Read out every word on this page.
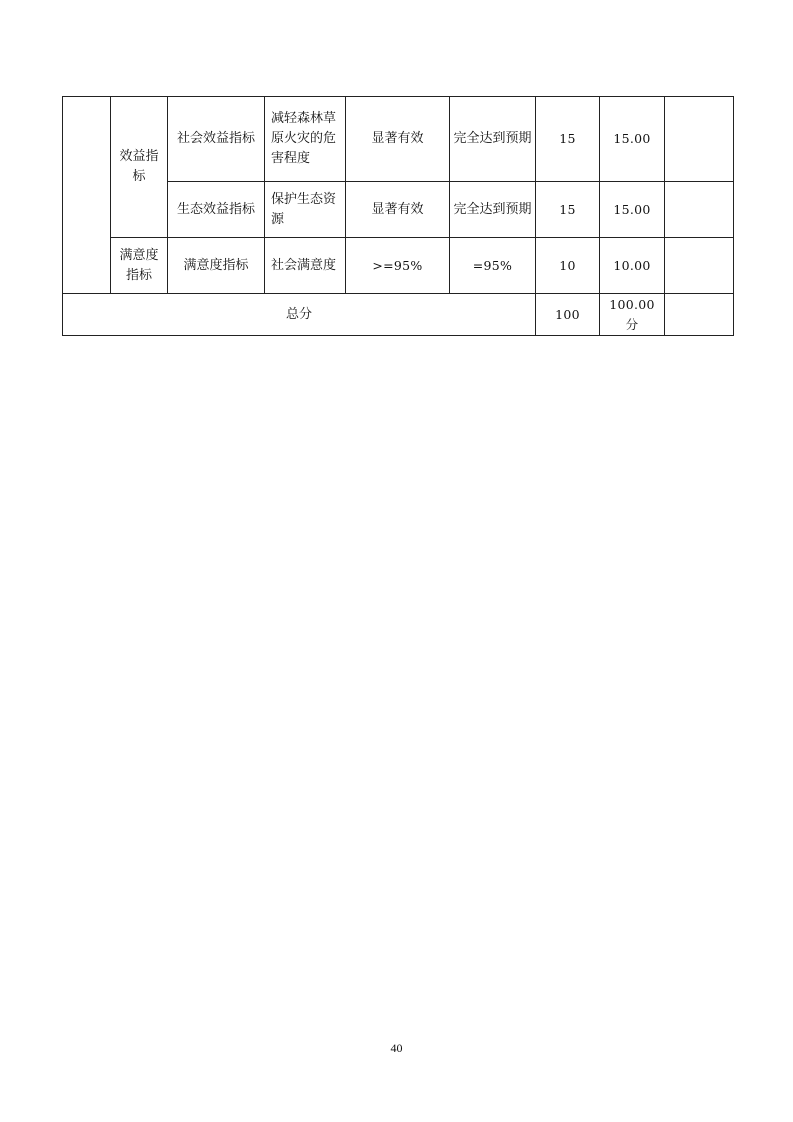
	效益指标	社会效益指标	减轻森林草原火灾的危害程度	显著有效	完全达到预期	15	15.00	
		生态效益指标	保护生态资源	显著有效	完全达到预期	15	15.00	
	满意度指标	满意度指标	社会满意度	>=95%	=95%	10	10.00	
总分						100	100.00分	
40
